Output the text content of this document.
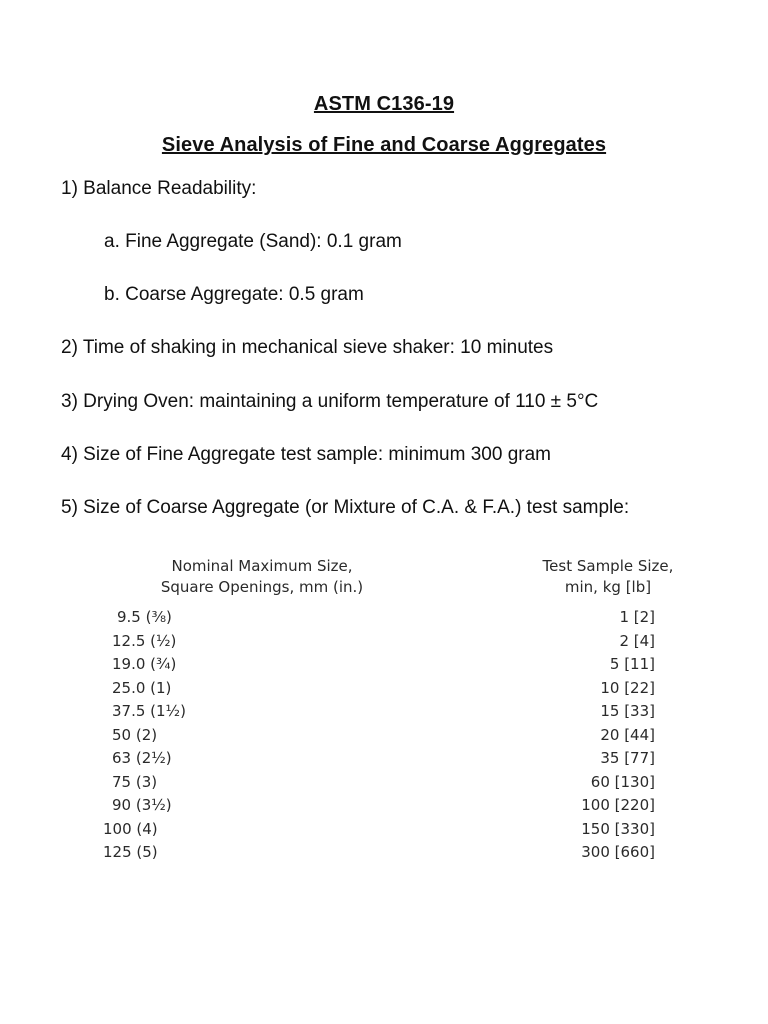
ASTM C136-19
Sieve Analysis of Fine and Coarse Aggregates
1) Balance Readability:
a. Fine Aggregate (Sand): 0.1 gram
b. Coarse Aggregate: 0.5 gram
2) Time of shaking in mechanical sieve shaker: 10 minutes
3) Drying Oven: maintaining a uniform temperature of 110 ± 5°C
4) Size of Fine Aggregate test sample: minimum 300 gram
5) Size of Coarse Aggregate (or Mixture of C.A. & F.A.) test sample:
Nominal Maximum Size,
Square Openings, mm (in.)
Test Sample Size,
min, kg [lb]
9.5 (⅜)
12.5 (½)
19.0 (¾)
25.0 (1)
37.5 (1½)
50 (2)
63 (2½)
75 (3)
90 (3½)
100 (4)
125 (5)
1 [2]
2 [4]
5 [11]
10 [22]
15 [33]
20 [44]
35 [77]
60 [130]
100 [220]
150 [330]
300 [660]
